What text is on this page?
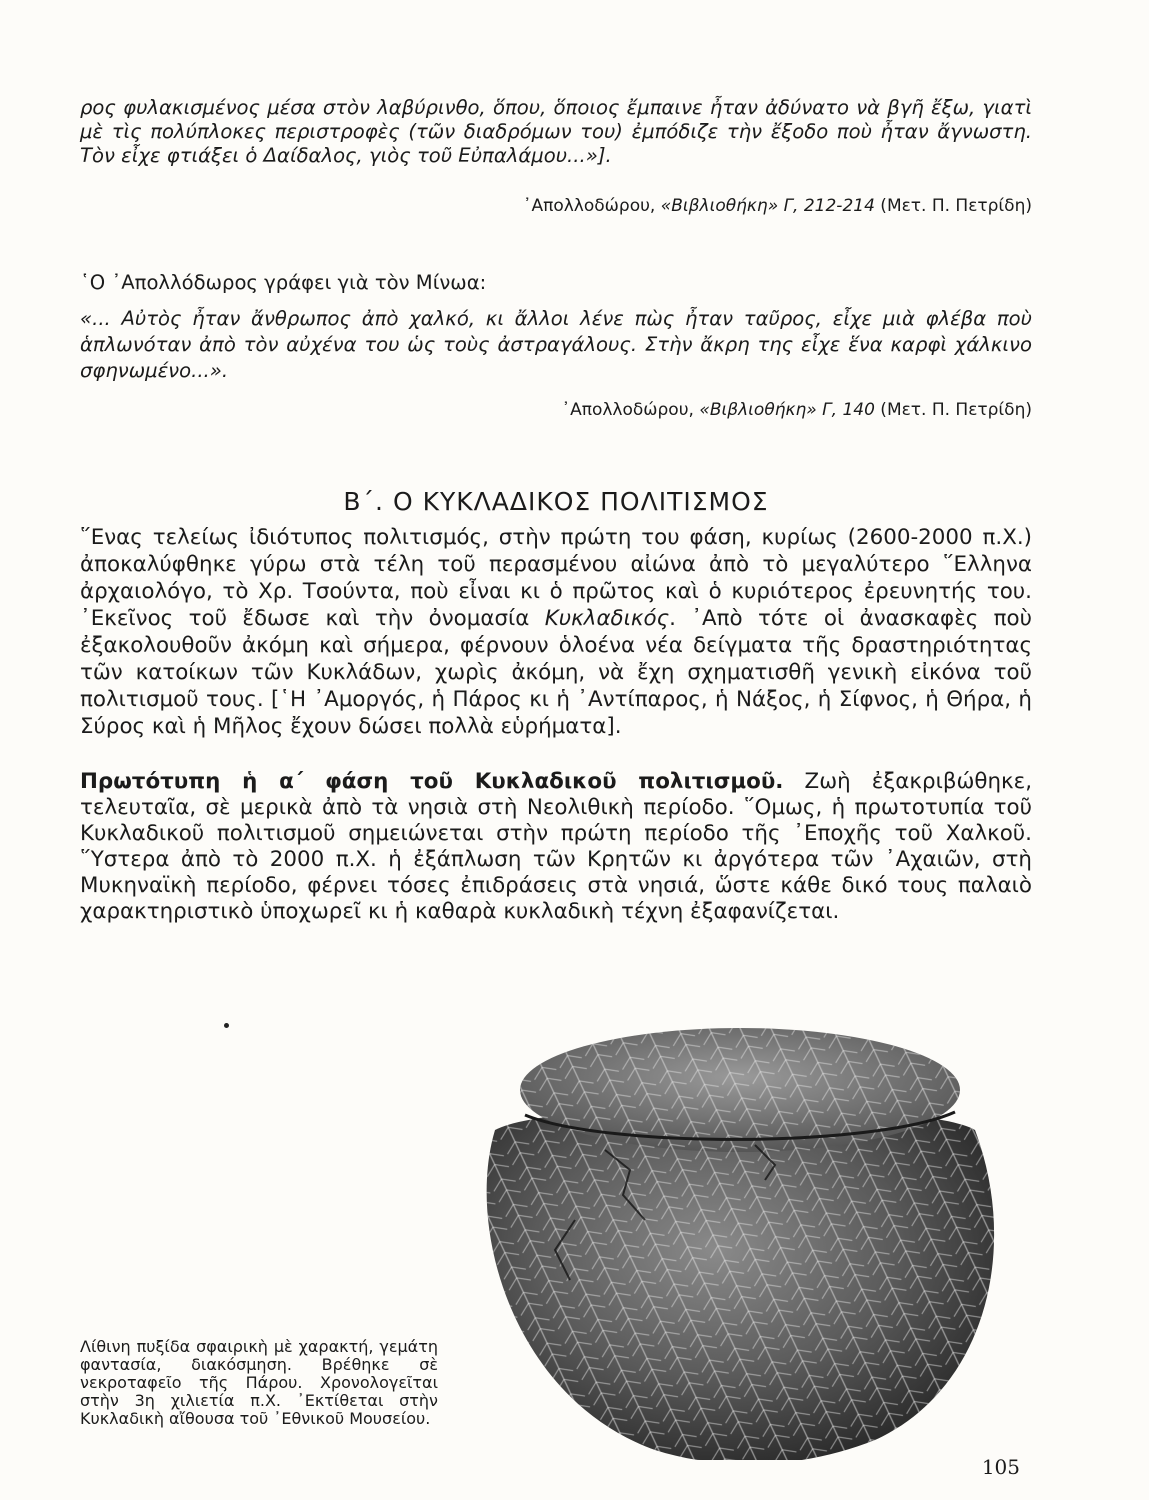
ρος φυλακισμένος μέσα στὸν λαβύρινθο, ὅπου, ὅποιος ἔμπαινε ἦταν ἀδύνατο νὰ βγῆ ἔξω, γιατὶ μὲ τὶς πολύπλοκες περιστροφὲς (τῶν διαδρόμων του) ἐμπόδιζε τὴν ἔξοδο ποὺ ἦταν ἄγνωστη. Τὸν εἶχε φτιάξει ὁ Δαίδαλος, γιὸς τοῦ Εὐπαλάμου...»].

᾿Απολλοδώρου, «Βιβλιοθήκη» Γ, 212-214 (Μετ. Π. Πετρίδη)

῾Ο ᾿Απολλόδωρος γράφει γιὰ τὸν Μίνωα:

«... Αὐτὸς ἦταν ἄνθρωπος ἀπὸ χαλκό, κι ἄλλοι λένε πὼς ἦταν ταῦρος, εἶχε μιὰ φλέβα ποὺ ἁπλωνόταν ἀπὸ τὸν αὐχένα του ὡς τοὺς ἀστραγάλους. Στὴν ἄκρη της εἶχε ἕνα καρφὶ χάλκινο σφηνωμένο...».

᾿Απολλοδώρου, «Βιβλιοθήκη» Γ, 140 (Μετ. Π. Πετρίδη)

Β΄. Ο ΚΥΚΛΑΔΙΚΟΣ ΠΟΛΙΤΙΣΜΟΣ

῞Ενας τελείως ἰδιότυπος πολιτισμός, στὴν πρώτη του φάση, κυρίως (2600-2000 π.Χ.) ἀποκαλύφθηκε γύρω στὰ τέλη τοῦ περασμένου αἰώνα ἀπὸ τὸ μεγαλύτερο ῞Ελληνα ἀρχαιολόγο, τὸ Χρ. Τσούντα, ποὺ εἶναι κι ὁ πρῶτος καὶ ὁ κυριότερος ἐρευνητής του. ᾿Εκεῖνος τοῦ ἔδωσε καὶ τὴν ὀνομασία Κυκλαδικός. ᾿Απὸ τότε οἱ ἀνασκαφὲς ποὺ ἐξακολουθοῦν ἀκόμη καὶ σήμερα, φέρνουν ὁλοένα νέα δείγματα τῆς δραστηριότητας τῶν κατοίκων τῶν Κυκλάδων, χωρὶς ἀκόμη, νὰ ἔχη σχηματισθῆ γενικὴ εἰκόνα τοῦ πολιτισμοῦ τους. [῾Η ᾿Αμοργός, ἡ Πάρος κι ἡ ᾿Αντίπαρος, ἡ Νάξος, ἡ Σίφνος, ἡ Θήρα, ἡ Σύρος καὶ ἡ Μῆλος ἔχουν δώσει πολλὰ εὑρήματα].

Πρωτότυπη ἡ α΄ φάση τοῦ Κυκλαδικοῦ πολιτισμοῦ. Ζωὴ ἐξακριβώθηκε, τελευταῖα, σὲ μερικὰ ἀπὸ τὰ νησιὰ στὴ Νεολιθικὴ περίοδο. ῞Ομως, ἡ πρωτοτυπία τοῦ Κυκλαδικοῦ πολιτισμοῦ σημειώνεται στὴν πρώτη περίοδο τῆς ᾿Εποχῆς τοῦ Χαλκοῦ. ῞Υστερα ἀπὸ τὸ 2000 π.Χ. ἡ ἐξάπλωση τῶν Κρητῶν κι ἀργότερα τῶν ᾿Αχαιῶν, στὴ Μυκηναϊκὴ περίοδο, φέρνει τόσες ἐπιδράσεις στὰ νησιά, ὥστε κάθε δικό τους παλαιὸ χαρακτηριστικὸ ὑποχωρεῖ κι ἡ καθαρὰ κυκλαδικὴ τέχνη ἐξαφανίζεται.

Λίθινη πυξίδα σφαιρικὴ μὲ χαρακτή, γεμάτη φαντασία, διακόσμηση. Βρέθηκε σὲ νεκροταφεῖο τῆς Πάρου. Χρονολογεῖται στὴν 3η χιλιετία π.Χ. ᾿Εκτίθεται στὴν Κυκλαδικὴ αἴθουσα τοῦ ᾿Εθνικοῦ Μουσείου.

105
